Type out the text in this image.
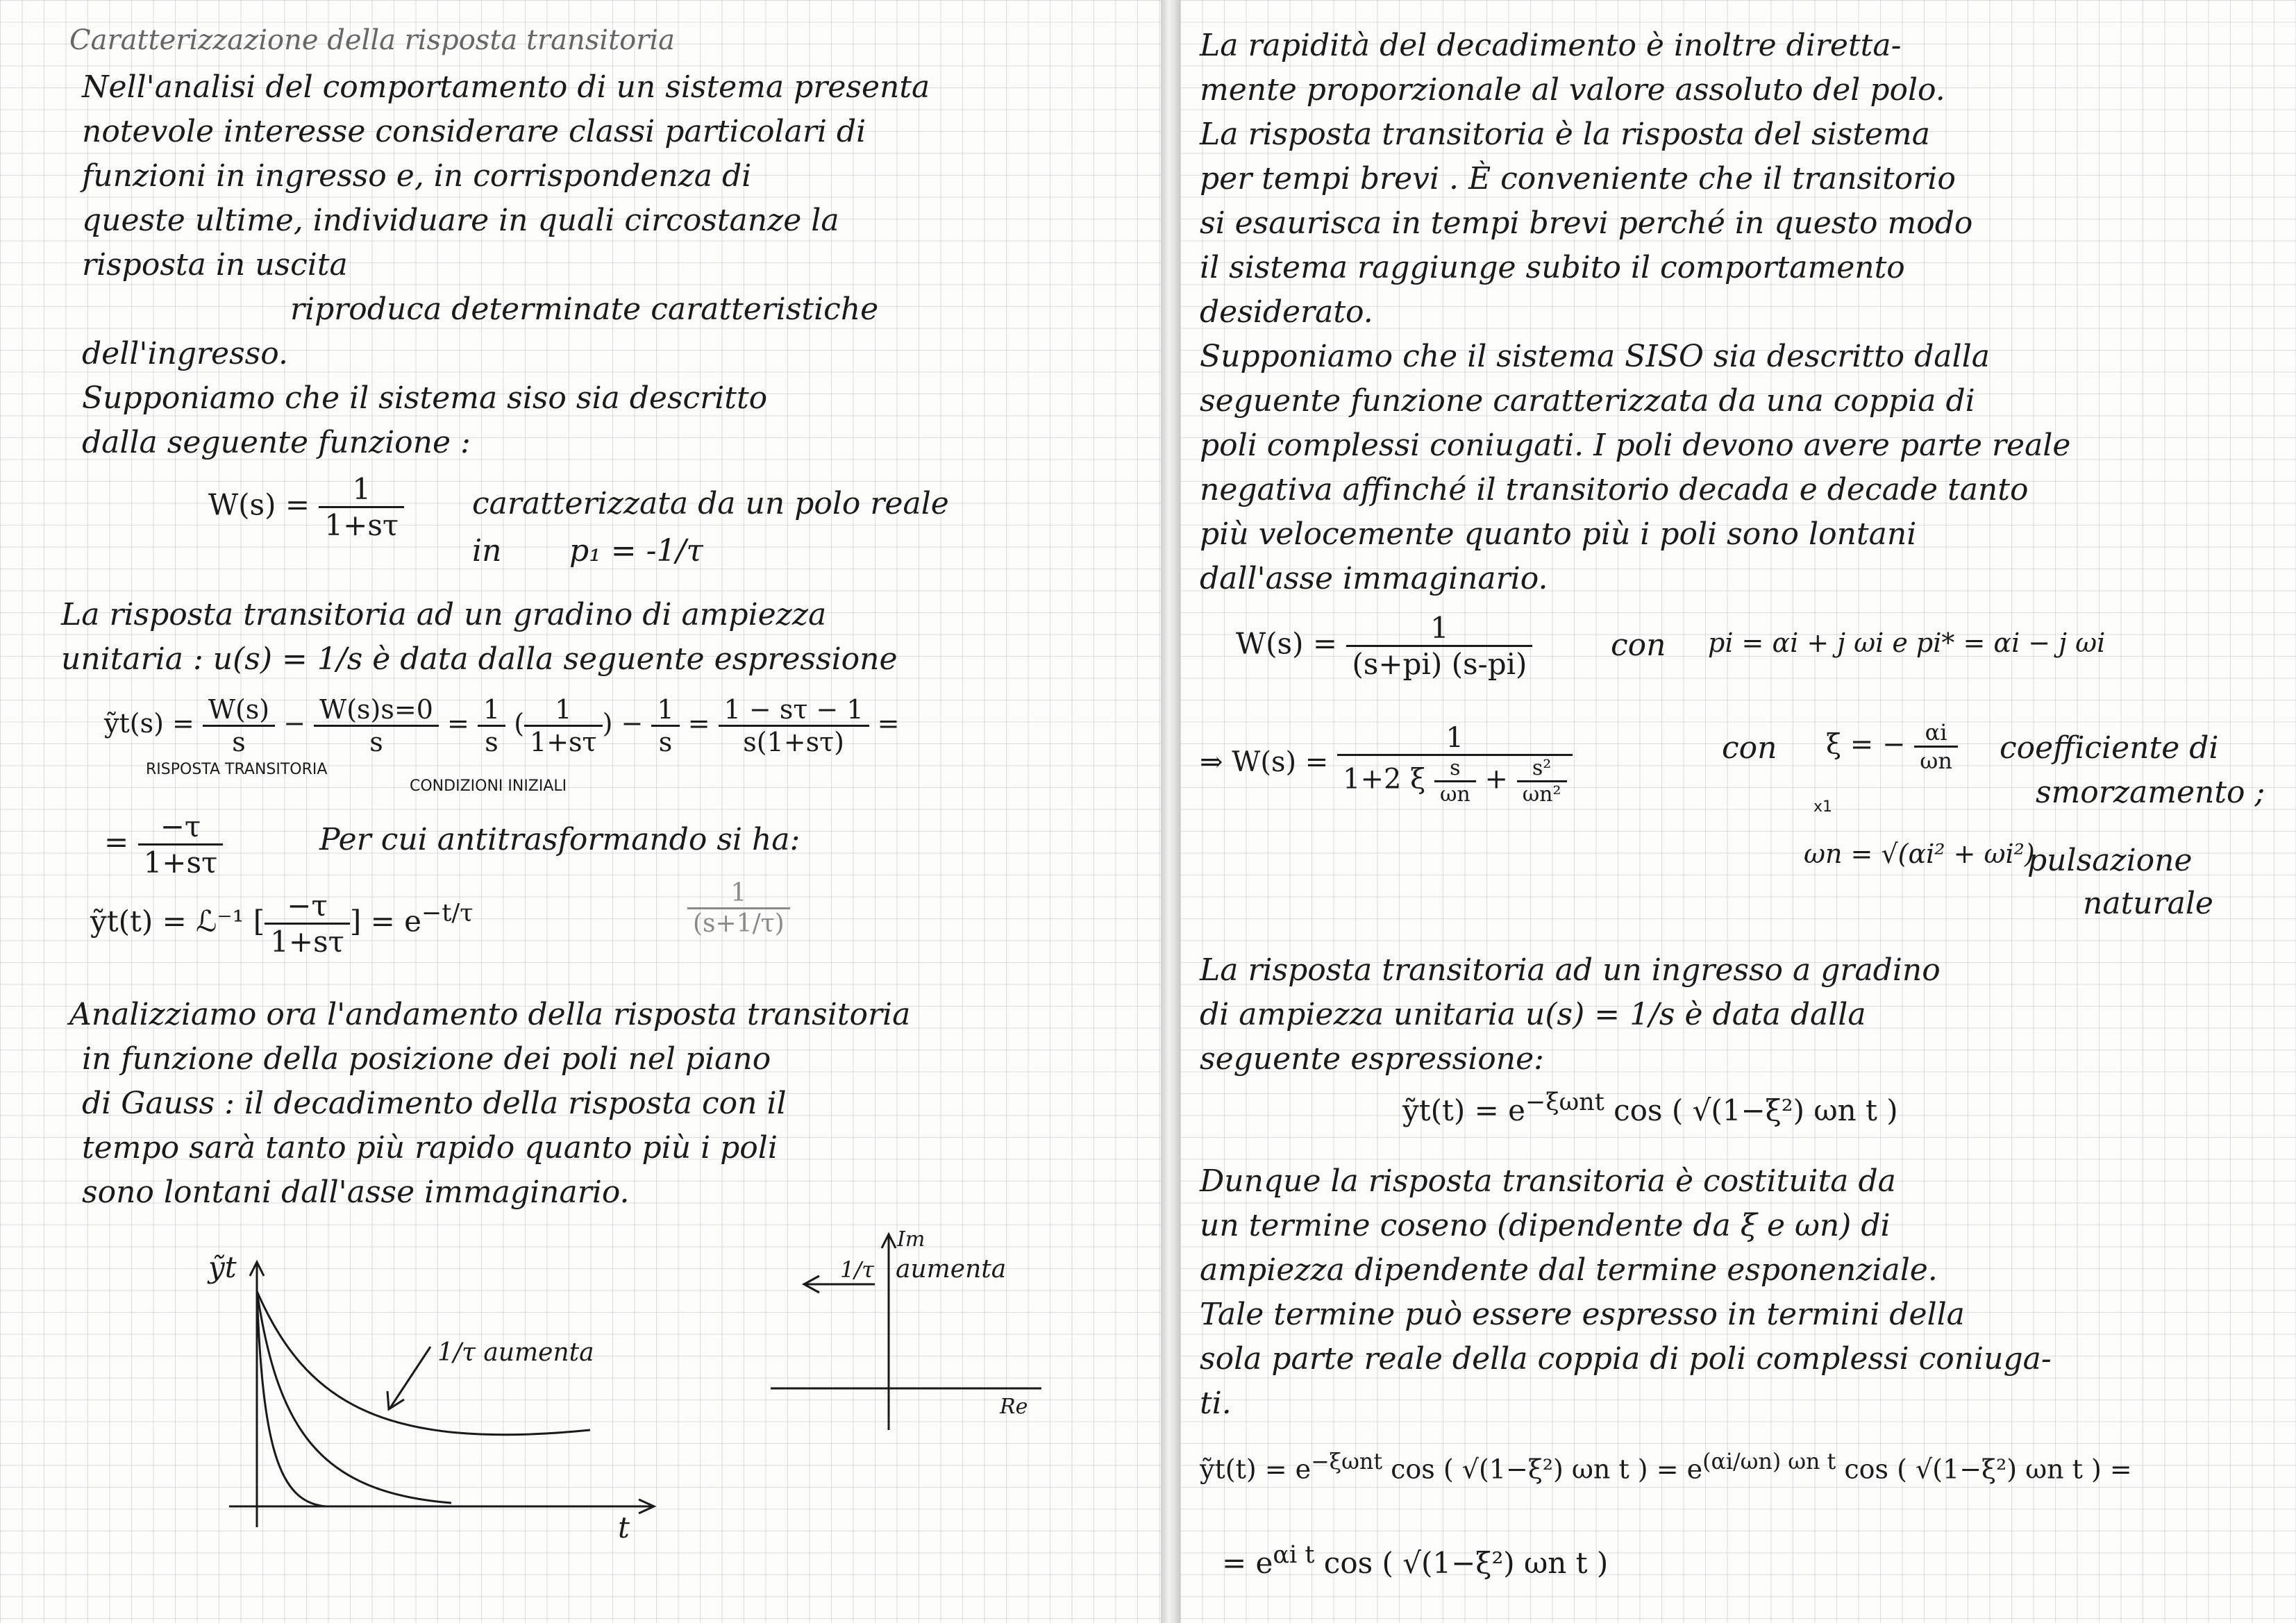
Caratterizzazione della risposta transitoria
Nell'analisi del comportamento di un sistema presenta
notevole interesse considerare classi particolari di
funzioni in ingresso e, in corrispondenza di
queste ultime, individuare in quali circostanze la
risposta in uscita
riproduca determinate caratteristiche
dell'ingresso.
Supponiamo che il sistema siso sia descritto
dalla seguente funzione :
$W(s) = \frac{1}{1+s\tau}$ caratterizzata da un polo reale
in p₁ = -1/τ
La risposta transitoria ad un gradino di ampiezza
unitaria : u(s) = 1/s è data dalla seguente espressione
ỹt(s) = $\frac{W(s)}{s} - \frac{W(s)s=0}{s} = \frac{1}{s}$ ( $\frac{1}{1+s\tau}$ ) − $\frac{1}{s} = \frac{1 - s\tau - 1}{s(1+s\tau)}$ =
RISPOSTA TRANSITORIA
CONDIZIONI INIZIALI
= $\frac{-\tau}{1+s\tau}$	Per cui antitrasformando si ha:
ỹt(t) = ℒ⁻¹ [ $\frac{-\tau}{1+s\tau}$ ] = $e^{-t/\tau}$	$\frac{1}{(s+1/\tau)}$
Analizziamo ora l'andamento della risposta transitoria
in funzione della posizione dei poli nel piano
di Gauss : il decadimento della risposta con il
tempo sarà tanto più rapido quanto più i poli
sono lontani dall'asse immaginario.
ỹt
t
1/τ aumenta
Im
Re
1/τ aumenta
La rapidità del decadimento è inoltre diretta-
mente proporzionale al valore assoluto del polo.
La risposta transitoria è la risposta del sistema
per tempi brevi . È conveniente che il transitorio
si esaurisca in tempi brevi perché in questo modo
il sistema raggiunge subito il comportamento
desiderato.
Supponiamo che il sistema SISO sia descritto dalla
seguente funzione caratterizzata da una coppia di
poli complessi coniugati. I poli devono avere parte reale
negativa affinché il transitorio decada e decade tanto
più velocemente quanto più i poli sono lontani
dall'asse immaginario.
$W(s) = \frac{1}{(s+pi) (s-pi)}$	con pi = αi + j ωi e pi* = αi − j ωi
⇒ $W(s) = \frac{1}{1+2 \xi \frac{s}{\omega n} + \frac{\text{s²}}{\text{ωn²}}}$	con ξ = − $\frac{\alpha i}{\omega n}$
x1
coefficiente di
smorzamento ;
ωn = √(αi² + ωi²)
pulsazione
naturale
La risposta transitoria ad un ingresso a gradino
di ampiezza unitaria u(s) = 1/s è data dalla
seguente espressione:
ỹt(t) = $e^{-\xi\omega nt}$ cos ( √(1−ξ²) ωn t )
Dunque la risposta transitoria è costituita da
un termine coseno (dipendente da ξ e ωn) di
ampiezza dipendente dal termine esponenziale.
Tale termine può essere espresso in termini della
sola parte reale della coppia di poli complessi coniuga-
ti.
ỹt(t) = $e^{-\xi\omega nt}$ cos ( √(1−ξ²) ωn t ) = $e^{(\alpha i/\omega n) \omega n t}$ cos ( √(1−ξ²) ωn t ) =
= $e^{\alpha i t}$ cos ( √(1−ξ²) ωn t )
